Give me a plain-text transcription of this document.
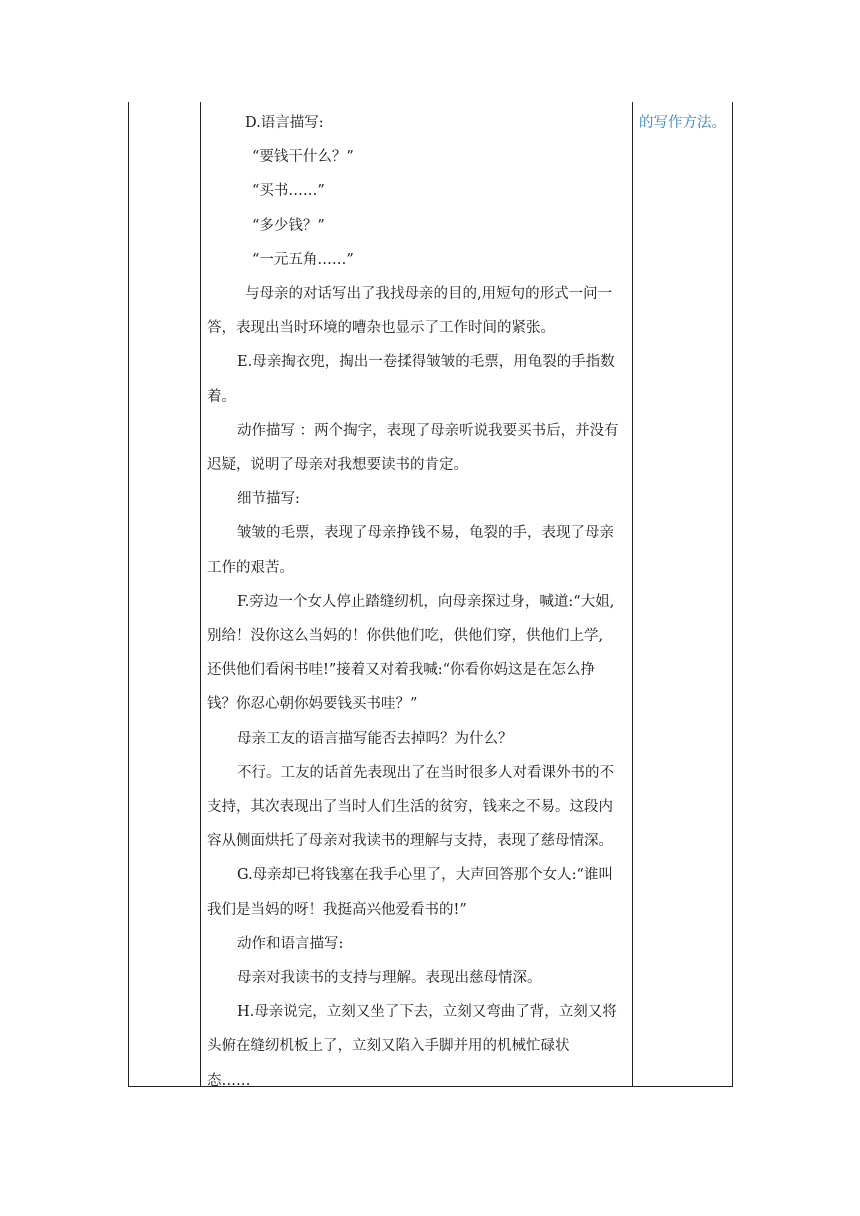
D.语言描写:

“要钱干什么？”

“买书……”

“多少钱？”

“一元五角……”

与母亲的对话写出了我找母亲的目的,用短句的形式一问一

答，表现出当时环境的嘈杂也显示了工作时间的紧张。

E.母亲掏衣兜，掏出一卷揉得皱皱的毛票，用龟裂的手指数

着。

动作描写 ：两个掏字，表现了母亲听说我要买书后，并没有

迟疑，说明了母亲对我想要读书的肯定。

细节描写:

皱皱的毛票，表现了母亲挣钱不易，龟裂的手，表现了母亲

工作的艰苦。

F.旁边一个女人停止踏缝纫机，向母亲探过身，喊道:“大姐,

别给！没你这么当妈的！你供他们吃，供他们穿，供他们上学,

还供他们看闲书哇!”接着又对着我喊:“你看你妈这是在怎么挣

钱？你忍心朝你妈要钱买书哇？”

母亲工友的语言描写能否去掉吗？为什么？

不行。工友的话首先表现出了在当时很多人对看课外书的不

支持，其次表现出了当时人们生活的贫穷，钱来之不易。这段内

容从侧面烘托了母亲对我读书的理解与支持，表现了慈母情深。

G.母亲却已将钱塞在我手心里了，大声回答那个女人:“谁叫

我们是当妈的呀！我挺高兴他爱看书的!”

动作和语言描写:

母亲对我读书的支持与理解。表现出慈母情深。

H.母亲说完，立刻又坐了下去，立刻又弯曲了背，立刻又将

头俯在缝纫机板上了，立刻又陷入手脚并用的机械忙碌状

态……

的写作方法。
